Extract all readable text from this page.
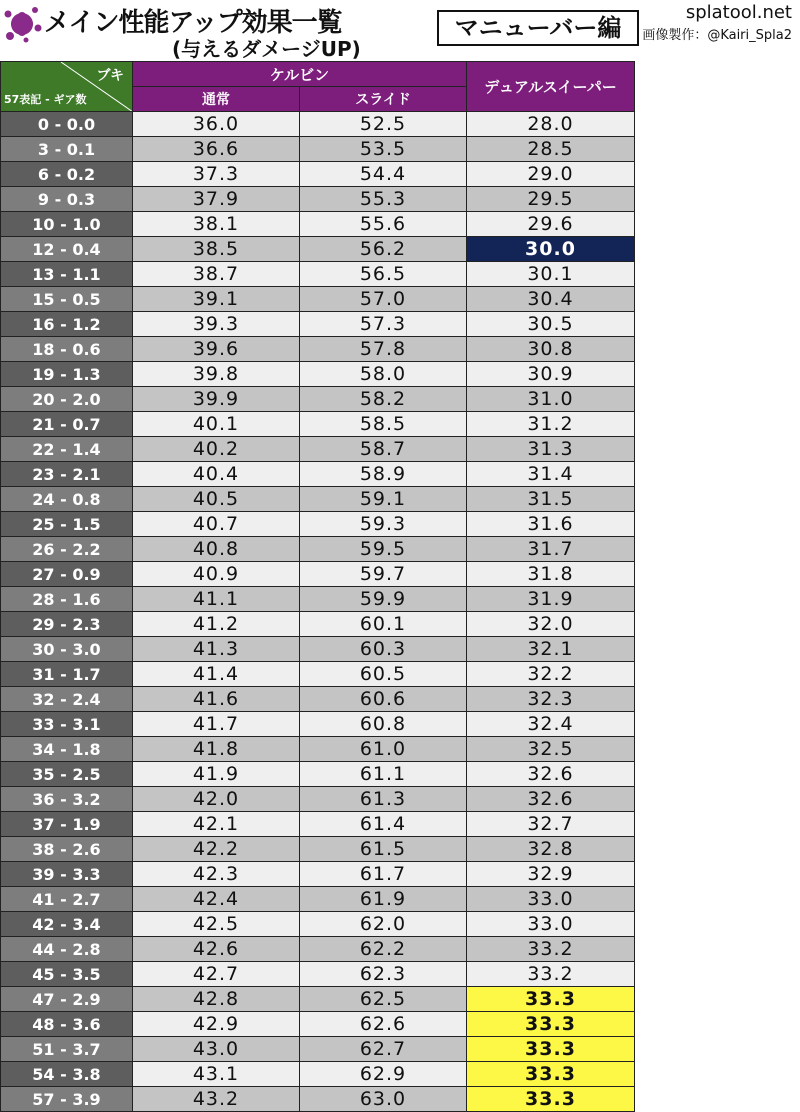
メイン性能アップ効果一覧
(与えるダメージUP)
マニューバー編
splatool.net
画像製作：@Kairi_Spla2
ブキ
57表記 - ギア数	ケルビン		デュアルスイーパー
	通常	スライド	
0 - 0.0	36.0	52.5	28.0
3 - 0.1	36.6	53.5	28.5
6 - 0.2	37.3	54.4	29.0
9 - 0.3	37.9	55.3	29.5
10 - 1.0	38.1	55.6	29.6
12 - 0.4	38.5	56.2	30.0
13 - 1.1	38.7	56.5	30.1
15 - 0.5	39.1	57.0	30.4
16 - 1.2	39.3	57.3	30.5
18 - 0.6	39.6	57.8	30.8
19 - 1.3	39.8	58.0	30.9
20 - 2.0	39.9	58.2	31.0
21 - 0.7	40.1	58.5	31.2
22 - 1.4	40.2	58.7	31.3
23 - 2.1	40.4	58.9	31.4
24 - 0.8	40.5	59.1	31.5
25 - 1.5	40.7	59.3	31.6
26 - 2.2	40.8	59.5	31.7
27 - 0.9	40.9	59.7	31.8
28 - 1.6	41.1	59.9	31.9
29 - 2.3	41.2	60.1	32.0
30 - 3.0	41.3	60.3	32.1
31 - 1.7	41.4	60.5	32.2
32 - 2.4	41.6	60.6	32.3
33 - 3.1	41.7	60.8	32.4
34 - 1.8	41.8	61.0	32.5
35 - 2.5	41.9	61.1	32.6
36 - 3.2	42.0	61.3	32.6
37 - 1.9	42.1	61.4	32.7
38 - 2.6	42.2	61.5	32.8
39 - 3.3	42.3	61.7	32.9
41 - 2.7	42.4	61.9	33.0
42 - 3.4	42.5	62.0	33.0
44 - 2.8	42.6	62.2	33.2
45 - 3.5	42.7	62.3	33.2
47 - 2.9	42.8	62.5	33.3
48 - 3.6	42.9	62.6	33.3
51 - 3.7	43.0	62.7	33.3
54 - 3.8	43.1	62.9	33.3
57 - 3.9	43.2	63.0	33.3
